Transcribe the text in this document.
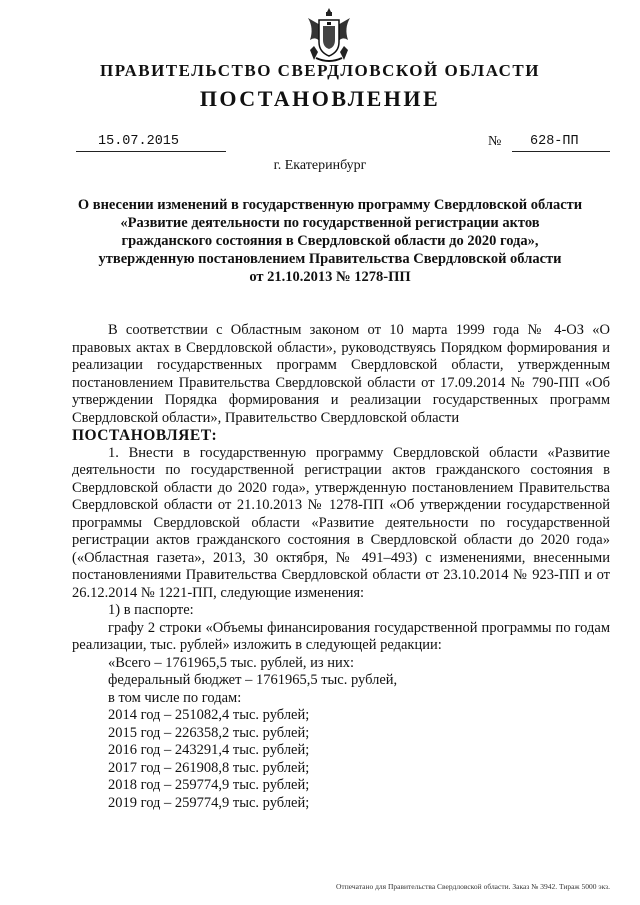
ПРАВИТЕЛЬСТВО СВЕРДЛОВСКОЙ ОБЛАСТИ
ПОСТАНОВЛЕНИЕ
15.07.2015	№	628-ПП
г. Екатеринбург
О внесении изменений в государственную программу Свердловской области
«Развитие деятельности по государственной регистрации актов
гражданского состояния в Свердловской области до 2020 года»,
утвержденную постановлением Правительства Свердловской области
от 21.10.2013 № 1278-ПП

В соответствии с Областным законом от 10 марта 1999 года № 4-ОЗ «О правовых актах в Свердловской области», руководствуясь Порядком формирования и реализации государственных программ Свердловской области, утвержденным постановлением Правительства Свердловской области от 17.09.2014 № 790-ПП «Об утверждении Порядка формирования и реализации государственных программ Свердловской области», Правительство Свердловской области

ПОСТАНОВЛЯЕТ:

1. Внести в государственную программу Свердловской области «Развитие деятельности по государственной регистрации актов гражданского состояния в Свердловской области до 2020 года», утвержденную постановлением Правительства Свердловской области от 21.10.2013 № 1278-ПП «Об утверждении государственной программы Свердловской области «Развитие деятельности по государственной регистрации актов гражданского состояния в Свердловской области до 2020 года» («Областная газета», 2013, 30 октября, № 491–493) с изменениями, внесенными постановлениями Правительства Свердловской области от 23.10.2014 № 923-ПП и от 26.12.2014 № 1221-ПП, следующие изменения:

1) в паспорте:

графу 2 строки «Объемы финансирования государственной программы по годам реализации, тыс. рублей» изложить в следующей редакции:

«Всего – 1761965,5 тыс. рублей, из них:

федеральный бюджет – 1761965,5 тыс. рублей,

в том числе по годам:

2014 год – 251082,4 тыс. рублей;

2015 год – 226358,2 тыс. рублей;

2016 год – 243291,4 тыс. рублей;

2017 год – 261908,8 тыс. рублей;

2018 год – 259774,9 тыс. рублей;

2019 год – 259774,9 тыс. рублей;

Отпечатано для Правительства Свердловской области. Заказ № 3942. Тираж 5000 экз.
